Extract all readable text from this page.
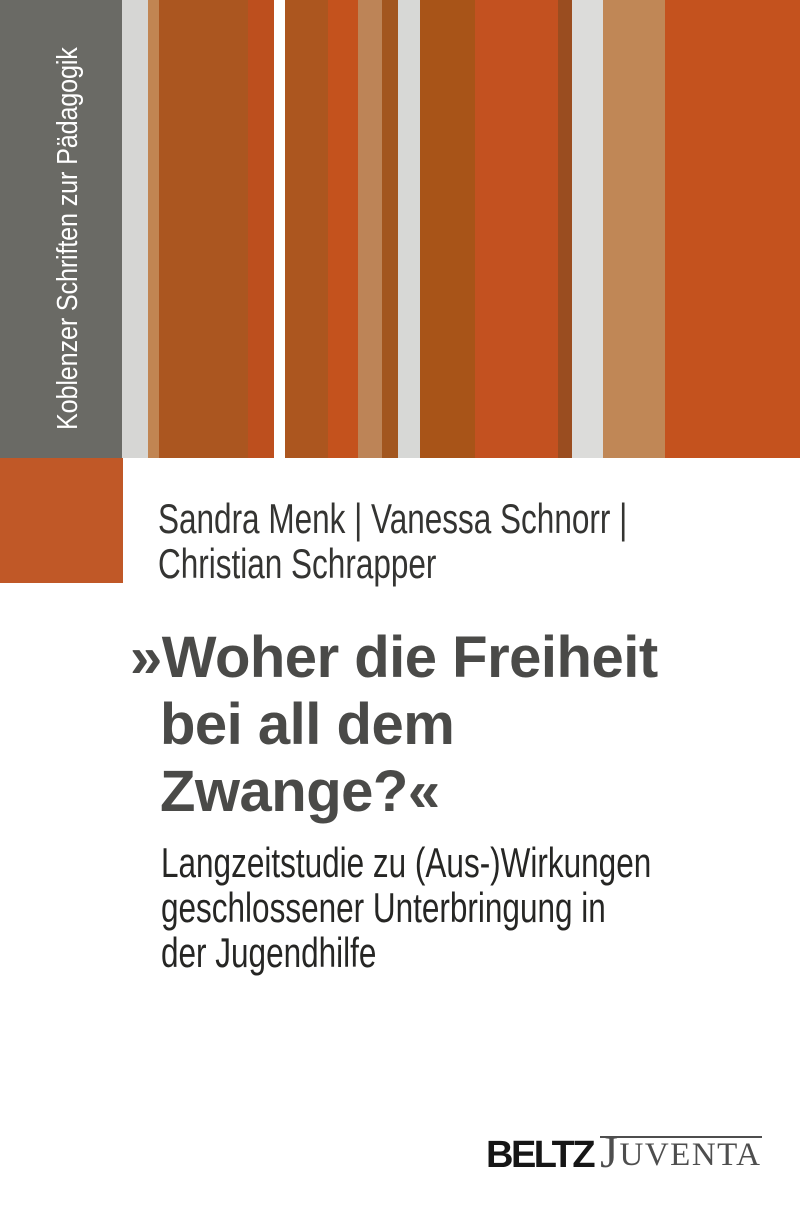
Koblenzer Schriften zur Pädagogik
Sandra Menk | Vanessa Schnorr |
Christian Schrapper
»Woher die Freiheit
bei all dem
Zwange?«
Langzeitstudie zu (Aus-)Wirkungen
geschlossener Unterbringung in
der Jugendhilfe
BELTZ JUVENTA
